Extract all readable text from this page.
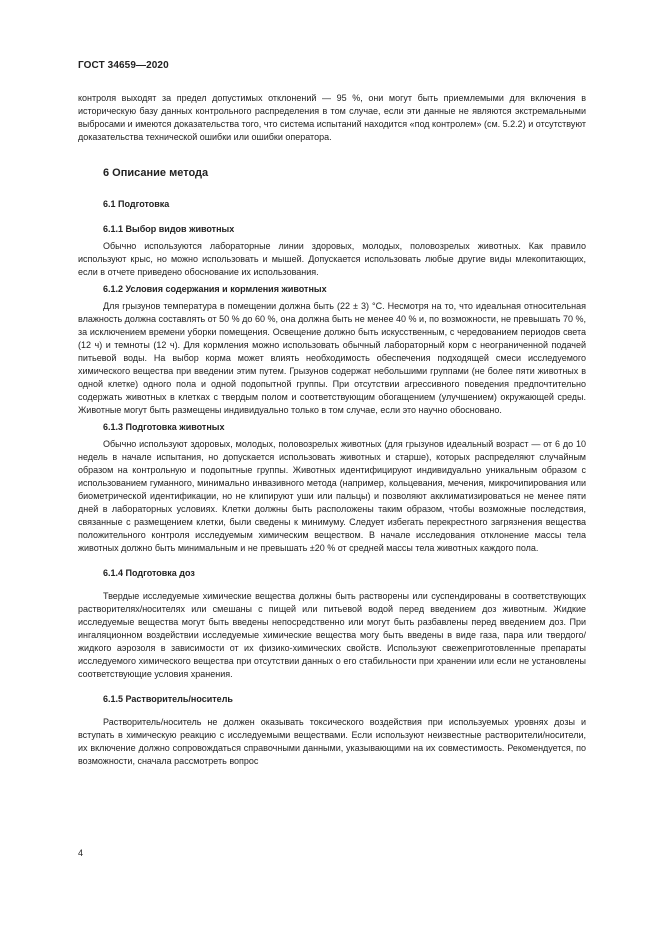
ГОСТ 34659—2020

контроля выходят за предел допустимых отклонений — 95 %, они могут быть приемлемыми для включения в историческую базу данных контрольного распределения в том случае, если эти данные не являются экстремальными выбросами и имеются доказательства того, что система испытаний находится «под контролем» (см. 5.2.2) и отсутствуют доказательства технической ошибки или ошибки оператора.

6 Описание метода
6.1 Подготовка
6.1.1 Выбор видов животных

Обычно используются лабораторные линии здоровых, молодых, половозрелых животных. Как правило используют крыс, но можно использовать и мышей. Допускается использовать любые другие виды млекопитающих, если в отчете приведено обоснование их использования.

6.1.2 Условия содержания и кормления животных

Для грызунов температура в помещении должна быть (22 ± 3) °С. Несмотря на то, что идеальная относительная влажность должна составлять от 50 % до 60 %, она должна быть не менее 40 % и, по возможности, не превышать 70 %, за исключением времени уборки помещения. Освещение должно быть искусственным, с чередованием периодов света (12 ч) и темноты (12 ч). Для кормления можно использовать обычный лабораторный корм с неограниченной подачей питьевой воды. На выбор корма может влиять необходимость обеспечения подходящей смеси исследуемого химического вещества при введении этим путем. Грызунов содержат небольшими группами (не более пяти животных в одной клетке) одного пола и одной подопытной группы. При отсутствии агрессивного поведения предпочтительно содержать животных в клетках с твердым полом и соответствующим обогащением (улучшением) окружающей среды. Животные могут быть размещены индивидуально только в том случае, если это научно обосновано.

6.1.3 Подготовка животных

Обычно используют здоровых, молодых, половозрелых животных (для грызунов идеальный возраст — от 6 до 10 недель в начале испытания, но допускается использовать животных и старше), которых распределяют случайным образом на контрольную и подопытные группы. Животных идентифицируют индивидуально уникальным образом с использованием гуманного, минимально инвазивного метода (например, кольцевания, мечения, микрочипирования или биометрической идентификации, но не клипируют уши или пальцы) и позволяют акклиматизироваться не менее пяти дней в лабораторных условиях. Клетки должны быть расположены таким образом, чтобы возможные последствия, связанные с размещением клетки, были сведены к минимуму. Следует избегать перекрестного загрязнения вещества положительного контроля исследуемым химическим веществом. В начале исследования отклонение массы тела животных должно быть минимальным и не превышать ±20 % от средней массы тела животных каждого пола.

6.1.4 Подготовка доз

Твердые исследуемые химические вещества должны быть растворены или суспендированы в соответствующих растворителях/носителях или смешаны с пищей или питьевой водой перед введением доз животным. Жидкие исследуемые вещества могут быть введены непосредственно или могут быть разбавлены перед введением доз. При ингаляционном воздействии исследуемые химические вещества могу быть введены в виде газа, пара или твердого/жидкого аэрозоля в зависимости от их физико-химических свойств. Используют свежеприготовленные препараты исследуемого химического вещества при отсутствии данных о его стабильности при хранении или если не установлены соответствующие условия хранения.

6.1.5 Растворитель/носитель

Растворитель/носитель не должен оказывать токсического воздействия при используемых уровнях дозы и вступать в химическую реакцию с исследуемыми веществами. Если используют неизвестные растворители/носители, их включение должно сопровождаться справочными данными, указывающими на их совместимость. Рекомендуется, по возможности, сначала рассмотреть вопрос

4
